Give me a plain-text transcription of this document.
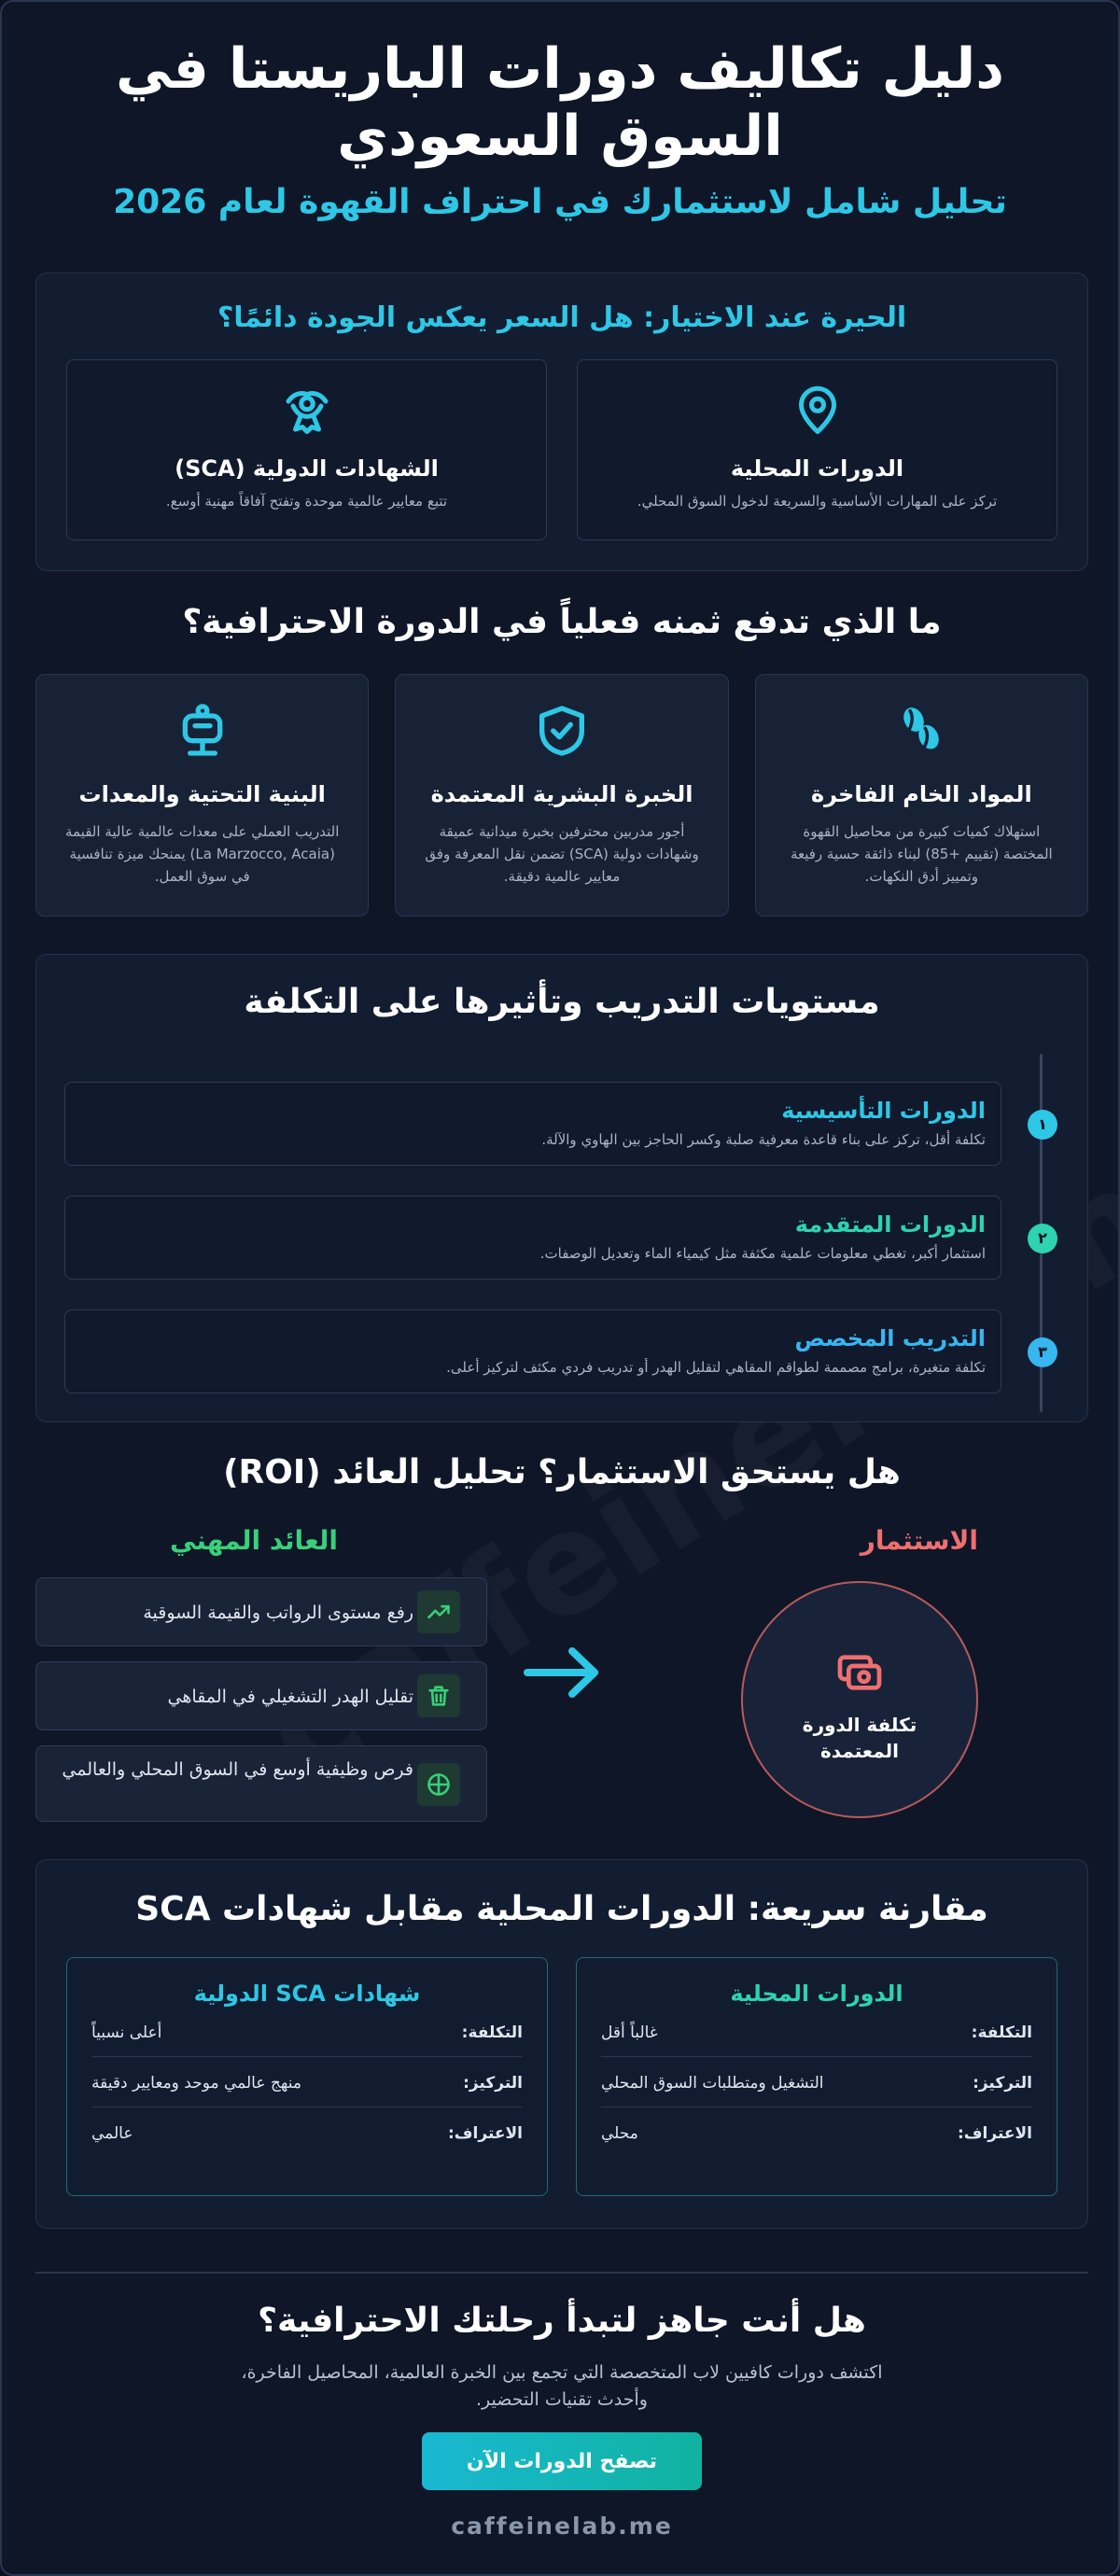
دليل تكاليف دورات الباريستا في السوق السعودي
تحليل شامل لاستثمارك في احتراف القهوة لعام 2026
الحيرة عند الاختيار: هل السعر يعكس الجودة دائمًا؟
الدورات المحلية
تركز على المهارات الأساسية والسريعة لدخول السوق المحلي.
الشهادات الدولية (SCA)
تتبع معايير عالمية موحدة وتفتح آفاقاً مهنية أوسع.
ما الذي تدفع ثمنه فعلياً في الدورة الاحترافية؟
المواد الخام الفاخرة
استهلاك كميات كبيرة من محاصيل القهوة المختصة (تقييم +85) لبناء ذائقة حسية رفيعة وتمييز أدق النكهات.
الخبرة البشرية المعتمدة
أجور مدربين محترفين بخبرة ميدانية عميقة وشهادات دولية (SCA) تضمن نقل المعرفة وفق معايير عالمية دقيقة.
البنية التحتية والمعدات
التدريب العملي على معدات عالمية عالية القيمة (La Marzocco, Acaia) يمنحك ميزة تنافسية في سوق العمل.
مستويات التدريب وتأثيرها على التكلفة
١
الدورات التأسيسية
تكلفة أقل، تركز على بناء قاعدة معرفية صلبة وكسر الحاجز بين الهاوي والآلة.
٢
الدورات المتقدمة
استثمار أكبر، تغطي معلومات علمية مكثفة مثل كيمياء الماء وتعديل الوصفات.
٣
التدريب المخصص
تكلفة متغيرة، برامج مصممة لطواقم المقاهي لتقليل الهدر أو تدريب فردي مكثف لتركيز أعلى.
هل يستحق الاستثمار؟ تحليل العائد (ROI)
الاستثمار
العائد المهني
تكلفة الدورة المعتمدة
رفع مستوى الرواتب والقيمة السوقية
تقليل الهدر التشغيلي في المقاهي
فرص وظيفية أوسع في السوق المحلي والعالمي
مقارنة سريعة: الدورات المحلية مقابل شهادات SCA
الدورات المحلية
التكلفة:
غالباً أقل
التركيز:
التشغيل ومتطلبات السوق المحلي
الاعتراف:
محلي
شهادات SCA الدولية
التكلفة:
أعلى نسبياً
التركيز:
منهج عالمي موحد ومعايير دقيقة
الاعتراف:
عالمي
هل أنت جاهز لتبدأ رحلتك الاحترافية؟
اكتشف دورات كافيين لاب المتخصصة التي تجمع بين الخبرة العالمية، المحاصيل الفاخرة، وأحدث تقنيات التحضير.
تصفح الدورات الآن
caffeinelab.me
